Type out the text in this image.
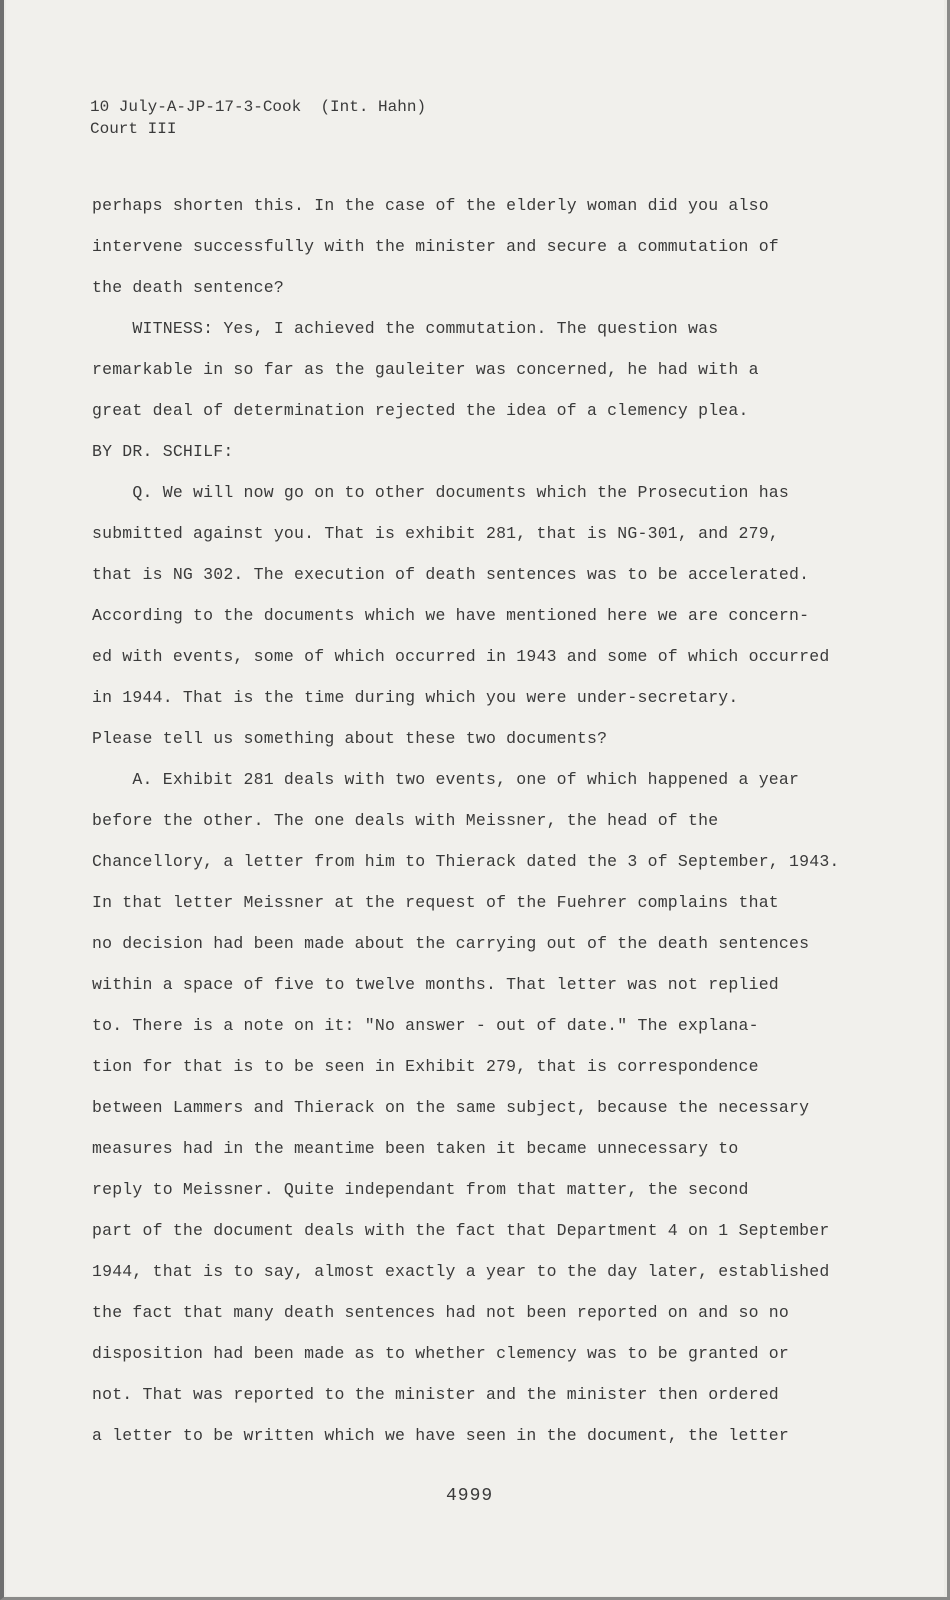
10 July-A-JP-17-3-Cook  (Int. Hahn)
Court III
perhaps shorten this. In the case of the elderly woman did you also
intervene successfully with the minister and secure a commutation of
the death sentence?
WITNESS: Yes, I achieved the commutation. The question was
remarkable in so far as the gauleiter was concerned, he had with a
great deal of determination rejected the idea of a clemency plea.
BY DR. SCHILF:
Q. We will now go on to other documents which the Prosecution has
submitted against you. That is exhibit 281, that is NG-301, and 279,
that is NG 302. The execution of death sentences was to be accelerated.
According to the documents which we have mentioned here we are concern-
ed with events, some of which occurred in 1943 and some of which occurred
in 1944. That is the time during which you were under-secretary.
Please tell us something about these two documents?
A. Exhibit 281 deals with two events, one of which happened a year
before the other. The one deals with Meissner, the head of the
Chancellory, a letter from him to Thierack dated the 3 of September, 1943.
In that letter Meissner at the request of the Fuehrer complains that
no decision had been made about the carrying out of the death sentences
within a space of five to twelve months. That letter was not replied
to. There is a note on it: "No answer - out of date." The explana-
tion for that is to be seen in Exhibit 279, that is correspondence
between Lammers and Thierack on the same subject, because the necessary
measures had in the meantime been taken it became unnecessary to
reply to Meissner. Quite independant from that matter, the second
part of the document deals with the fact that Department 4 on 1 September
1944, that is to say, almost exactly a year to the day later, established
the fact that many death sentences had not been reported on and so no
disposition had been made as to whether clemency was to be granted or
not. That was reported to the minister and the minister then ordered
a letter to be written which we have seen in the document, the letter
4999
